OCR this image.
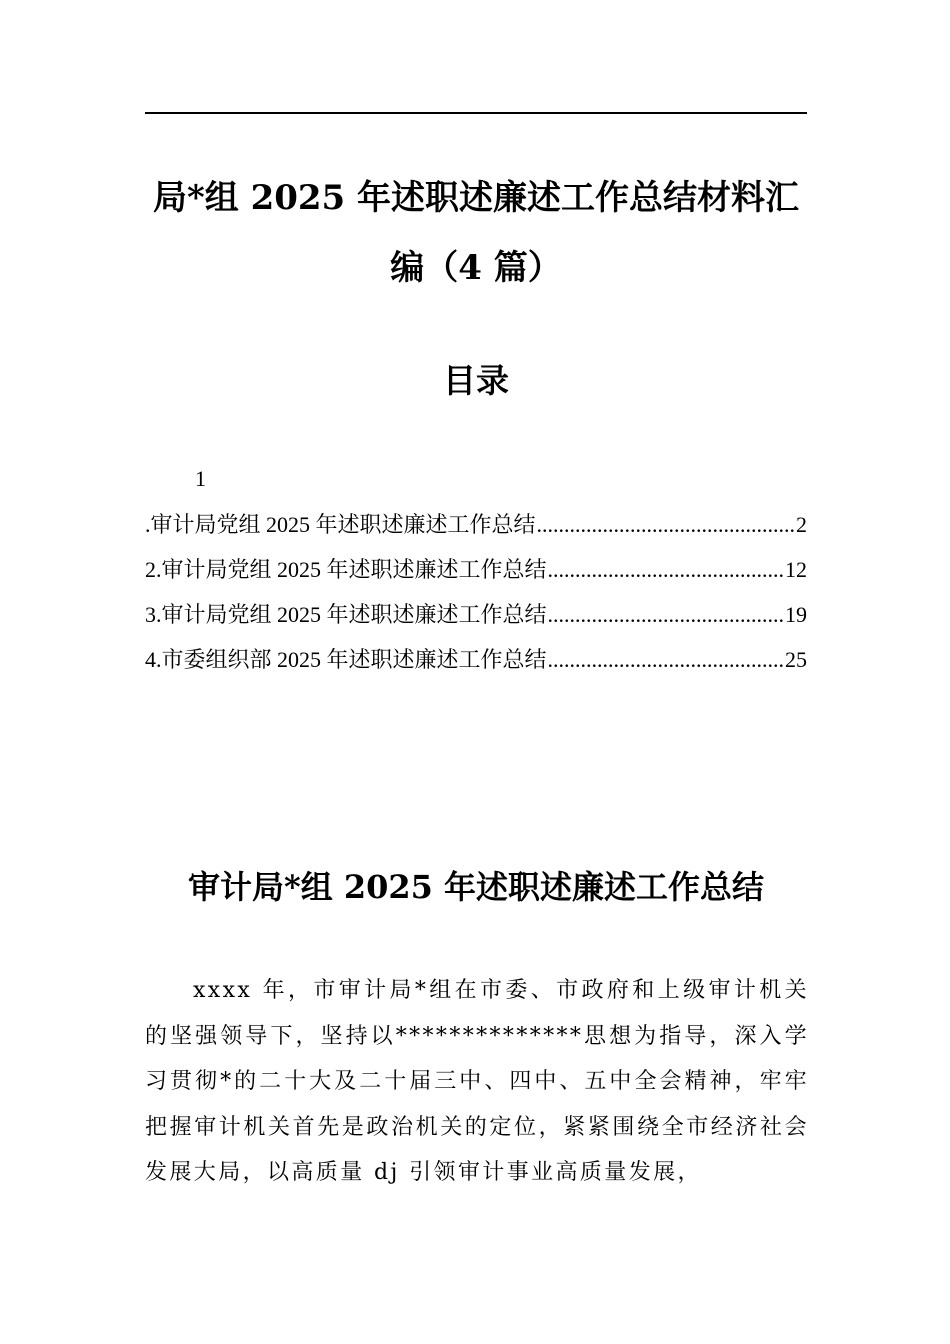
局*组 2025 年述职述廉述工作总结材料汇
编（4 篇）
目录
1
.审计局党组 2025 年述职述廉述工作总结 .....	2
2.审计局党组 2025 年述职述廉述工作总结 .....	12
3.审计局党组 2025 年述职述廉述工作总结 .....	19
4.市委组织部 2025 年述职述廉述工作总结 .....	25
审计局*组 2025 年述职述廉述工作总结

xxxx 年，市审计局*组在市委、市政府和上级审计机关的坚强领导下，坚持以**************思想为指导，深入学习贯彻*的二十大及二十届三中、四中、五中全会精神，牢牢把握审计机关首先是政治机关的定位，紧紧围绕全市经济社会发展大局，以高质量 dj 引领审计事业高质量发展，
